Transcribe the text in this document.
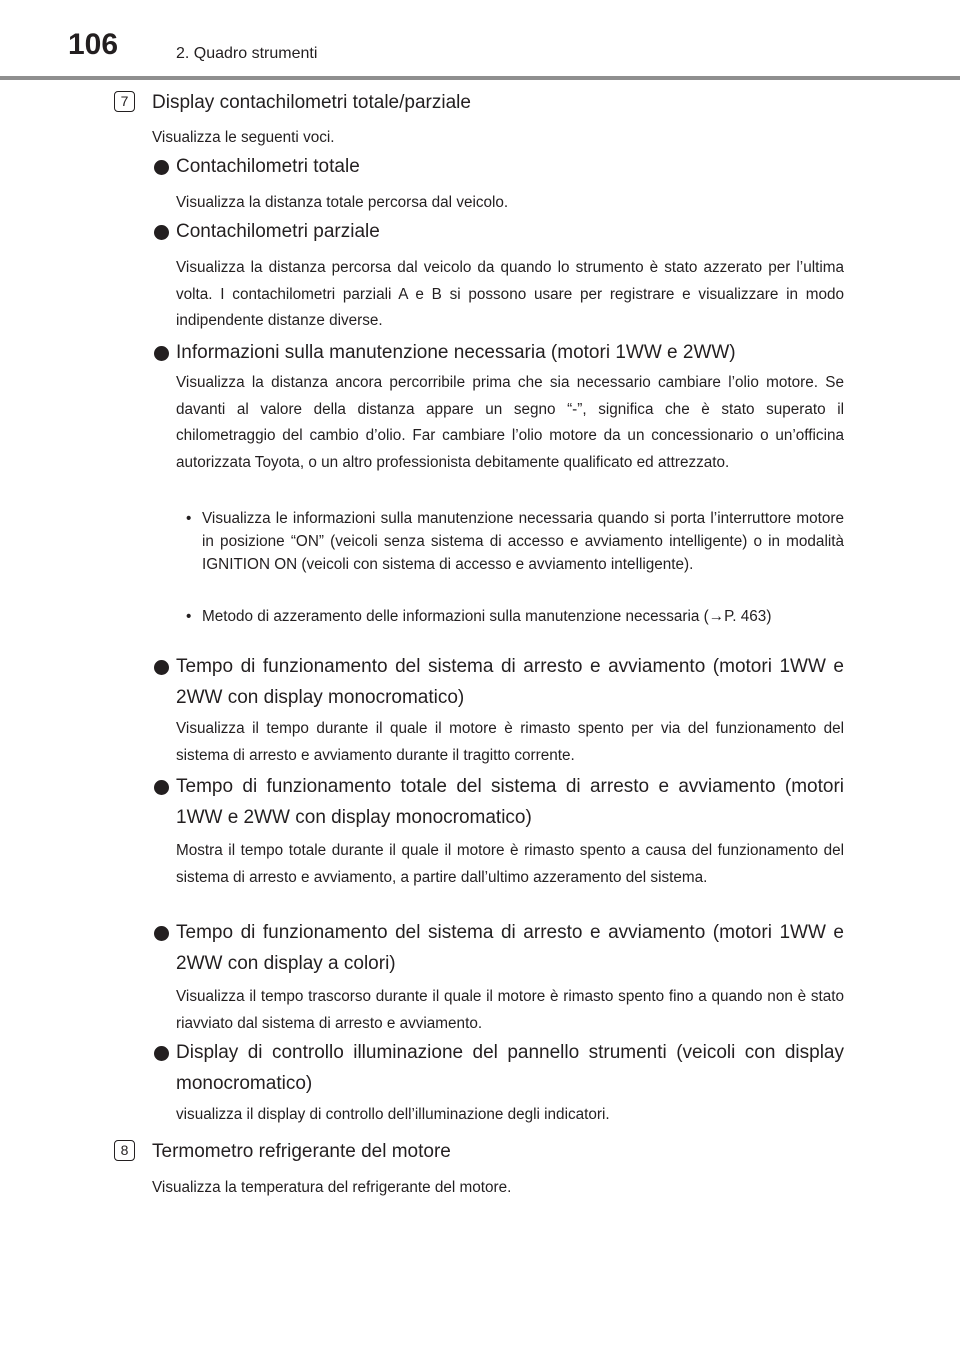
106	2. Quadro strumenti
7	Display contachilometri totale/parziale
Visualizza le seguenti voci.
Contachilometri totale
Visualizza la distanza totale percorsa dal veicolo.
Contachilometri parziale
Visualizza la distanza percorsa dal veicolo da quando lo strumento è stato azzerato per l’ultima volta. I contachilometri parziali A e B si possono usare per registrare e visualizzare in modo indipendente distanze diverse.
Informazioni sulla manutenzione necessaria (motori 1WW e 2WW)
Visualizza la distanza ancora percorribile prima che sia necessario cambiare l’olio motore. Se davanti al valore della distanza appare un segno “-”, significa che è stato superato il chilometraggio del cambio d’olio. Far cambiare l’olio motore da un concessionario o un’officina autorizzata Toyota, o un altro professionista debitamente qualificato ed attrezzato.
• Visualizza le informazioni sulla manutenzione necessaria quando si porta l’interruttore motore in posizione “ON” (veicoli senza sistema di accesso e avviamento intelligente) o in modalità IGNITION ON (veicoli con sistema di accesso e avviamento intelligente).
• Metodo di azzeramento delle informazioni sulla manutenzione necessaria (→P. 463)
Tempo di funzionamento del sistema di arresto e avviamento (motori 1WW e 2WW con display monocromatico)
Visualizza il tempo durante il quale il motore è rimasto spento per via del funzionamento del sistema di arresto e avviamento durante il tragitto corrente.
Tempo di funzionamento totale del sistema di arresto e avviamento (motori 1WW e 2WW con display monocromatico)
Mostra il tempo totale durante il quale il motore è rimasto spento a causa del funzionamento del sistema di arresto e avviamento, a partire dall’ultimo azzeramento del sistema.
Tempo di funzionamento del sistema di arresto e avviamento (motori 1WW e 2WW con display a colori)
Visualizza il tempo trascorso durante il quale il motore è rimasto spento fino a quando non è stato riavviato dal sistema di arresto e avviamento.
Display di controllo illuminazione del pannello strumenti (veicoli con display monocromatico)
visualizza il display di controllo dell’illuminazione degli indicatori.
8	Termometro refrigerante del motore
Visualizza la temperatura del refrigerante del motore.
